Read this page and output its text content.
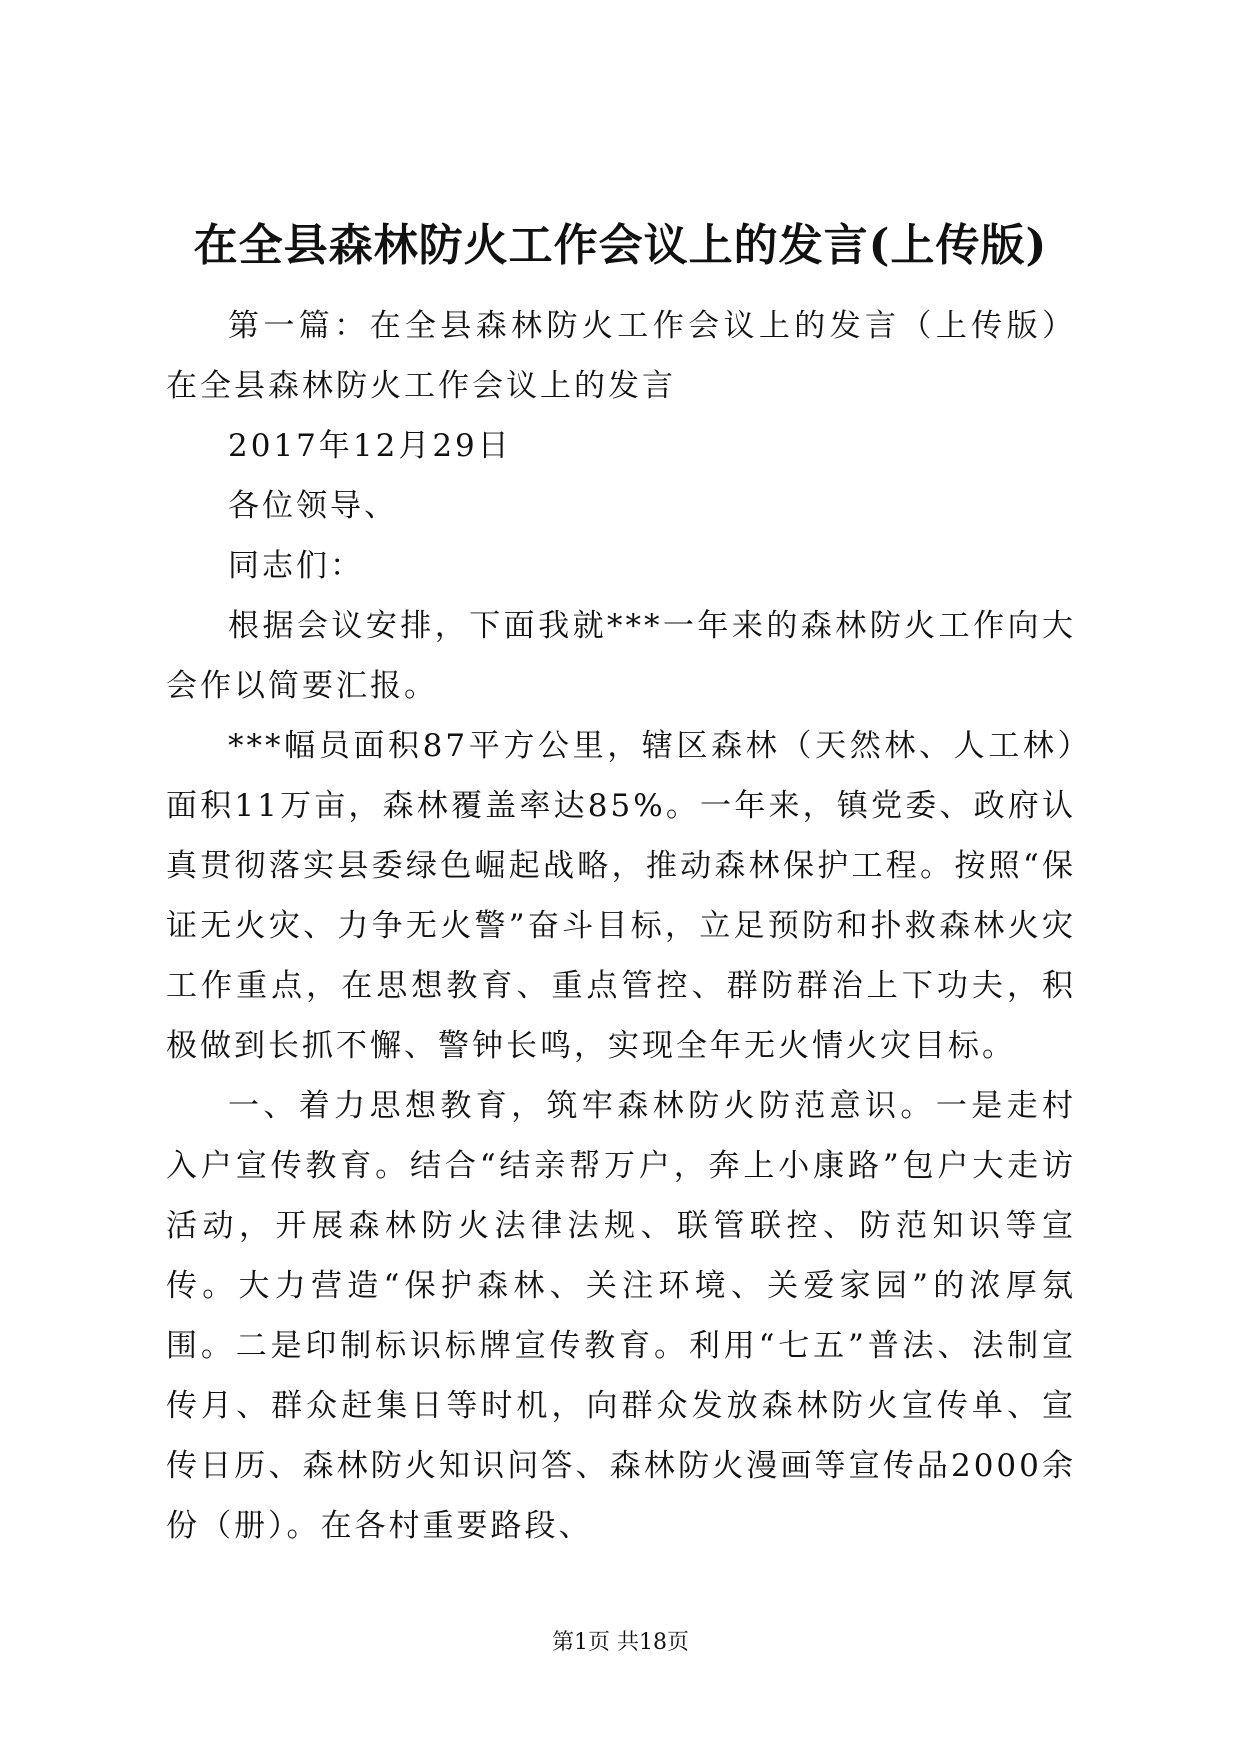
在全县森林防火工作会议上的发言(上传版)

第一篇：在全县森林防火工作会议上的发言（上传版）在全县森林防火工作会议上的发言

2017年12月29日

各位领导、

同志们：

根据会议安排，下面我就***一年来的森林防火工作向大会作以简要汇报。

***幅员面积87平方公里，辖区森林（天然林、人工林）面积11万亩，森林覆盖率达85%。一年来，镇党委、政府认真贯彻落实县委绿色崛起战略，推动森林保护工程。按照“保证无火灾、力争无火警”奋斗目标，立足预防和扑救森林火灾工作重点，在思想教育、重点管控、群防群治上下功夫，积极做到长抓不懈、警钟长鸣，实现全年无火情火灾目标。

一、着力思想教育，筑牢森林防火防范意识。一是走村入户宣传教育。结合“结亲帮万户，奔上小康路”包户大走访活动，开展森林防火法律法规、联管联控、防范知识等宣传。大力营造“保护森林、关注环境、关爱家园”的浓厚氛围。二是印制标识标牌宣传教育。利用“七五”普法、法制宣传月、群众赶集日等时机，向群众发放森林防火宣传单、宣传日历、森林防火知识问答、森林防火漫画等宣传品2000余份（册）。在各村重要路段、

第1页 共18页
